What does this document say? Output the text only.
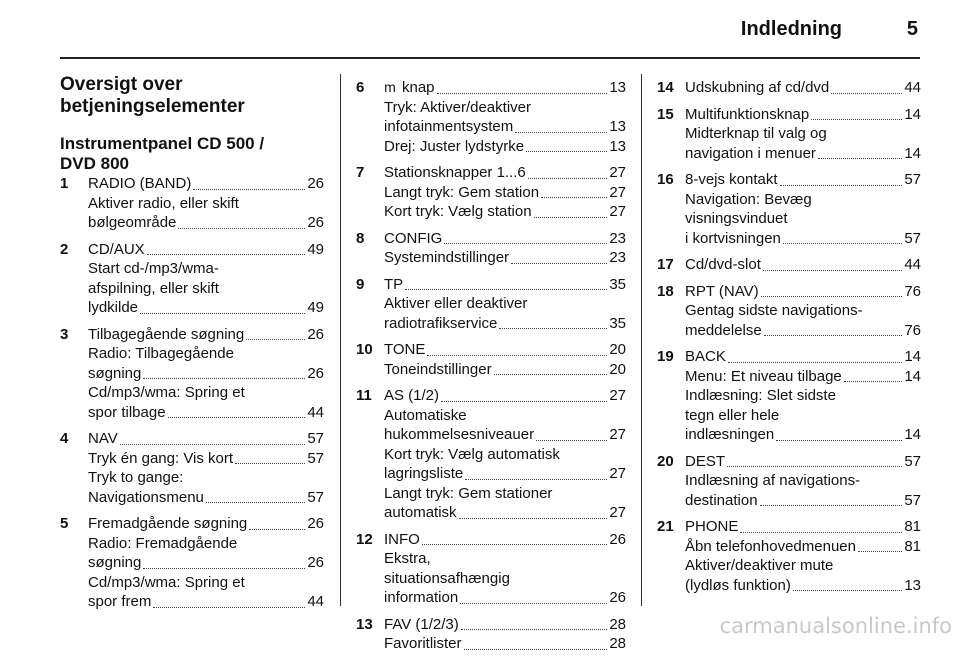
Indledning	5
Oversigt over
betjeningselementer
Instrumentpanel CD 500 /
DVD 800
1 RADIO (BAND)	26
Aktiver radio, eller skift
bølgeområde	26
2 CD/AUX	49
Start cd-/mp3/wma-
afspilning, eller skift
lydkilde	49
3 Tilbagegående søgning	26
Radio: Tilbagegående
søgning	26
Cd/mp3/wma: Spring et
spor tilbage	44
4 NAV	57
Tryk én gang: Vis kort	57
Tryk to gange:
Navigationsmenu	57
5 Fremadgående søgning	26
Radio: Fremadgående
søgning	26
Cd/mp3/wma: Spring et
spor frem	44
6 m knap	13
Tryk: Aktiver/deaktiver
infotainmentsystem	13
Drej: Juster lydstyrke	13
7 Stationsknapper 1...6	27
Langt tryk: Gem station	27
Kort tryk: Vælg station	27
8 CONFIG	23
Systemindstillinger	23
9 TP	35
Aktiver eller deaktiver
radiotrafikservice	35
10 TONE	20
Toneindstillinger	20
11 AS (1/2)	27
Automatiske
hukommelsesniveauer	27
Kort tryk: Vælg automatisk
lagringsliste	27
Langt tryk: Gem stationer
automatisk	27
12 INFO	26
Ekstra,
situationsafhængig
information	26
13 FAV (1/2/3)	28
Favoritlister	28
14 Udskubning af cd/dvd	44
15 Multifunktionsknap	14
Midterknap til valg og
navigation i menuer	14
16 8-vejs kontakt	57
Navigation: Bevæg
visningsvinduet
i kortvisningen	57
17 Cd/dvd-slot	44
18 RPT (NAV)	76
Gentag sidste navigations-
meddelelse	76
19 BACK	14
Menu: Et niveau tilbage	14
Indlæsning: Slet sidste
tegn eller hele
indlæsningen	14
20 DEST	57
Indlæsning af navigations-
destination	57
21 PHONE	81
Åbn telefonhovedmenuen	81
Aktiver/deaktiver mute
(lydløs funktion)	13
carmanualsonline.info
